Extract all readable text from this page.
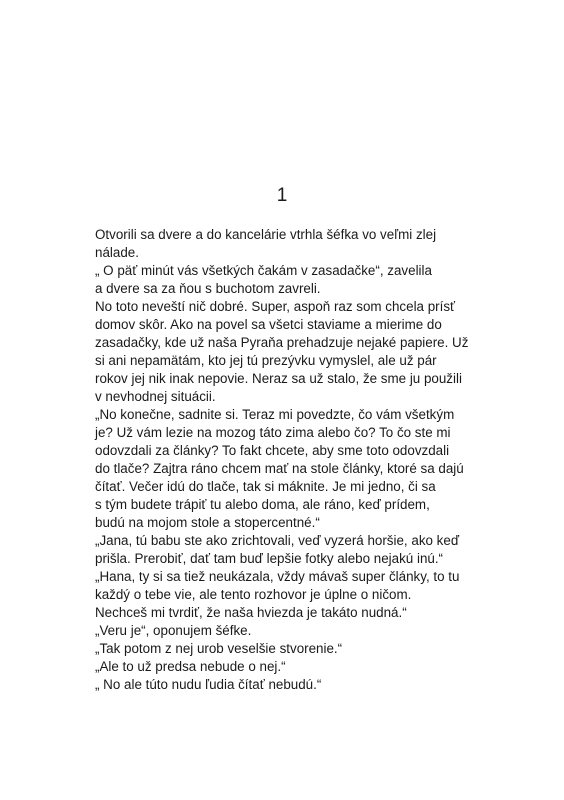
1
Otvorili sa dvere a do kancelárie vtrhla šéfka vo veľmi zlej
nálade.
„ O päť minút vás všetkých čakám v zasadačke“, zavelila
a dvere sa za ňou s buchotom zavreli.
No toto neveští nič dobré. Super, aspoň raz som chcela prísť
domov skôr. Ako na povel sa všetci staviame a mierime do
zasadačky, kde už naša Pyraňa prehadzuje nejaké papiere. Už
si ani nepamätám, kto jej tú prezývku vymyslel, ale už pár
rokov jej nik inak nepovie. Neraz sa už stalo, že sme ju použili
v nevhodnej situácii.
„No konečne, sadnite si. Teraz mi povedzte, čo vám všetkým
je? Už vám lezie na mozog táto zima alebo čo? To čo ste mi
odovzdali za články? To fakt chcete, aby sme toto odovzdali
do tlače? Zajtra ráno chcem mať na stole články, ktoré sa dajú
čítať. Večer idú do tlače, tak si máknite. Je mi jedno, či sa
s tým budete trápiť tu alebo doma, ale ráno, keď prídem,
budú na mojom stole a stopercentné.“
„Jana, tú babu ste ako zrichtovali, veď vyzerá horšie, ako keď
prišla. Prerobiť, dať tam buď lepšie fotky alebo nejakú inú.“
„Hana, ty si sa tiež neukázala, vždy mávaš super články, to tu
každý o tebe vie, ale tento rozhovor je úplne o ničom.
Nechceš mi tvrdiť, že naša hviezda je takáto nudná.“
„Veru je“, oponujem šéfke.
„Tak potom z nej urob veselšie stvorenie.“
„Ale to už predsa nebude o nej.“
„ No ale túto nudu ľudia čítať nebudú.“
